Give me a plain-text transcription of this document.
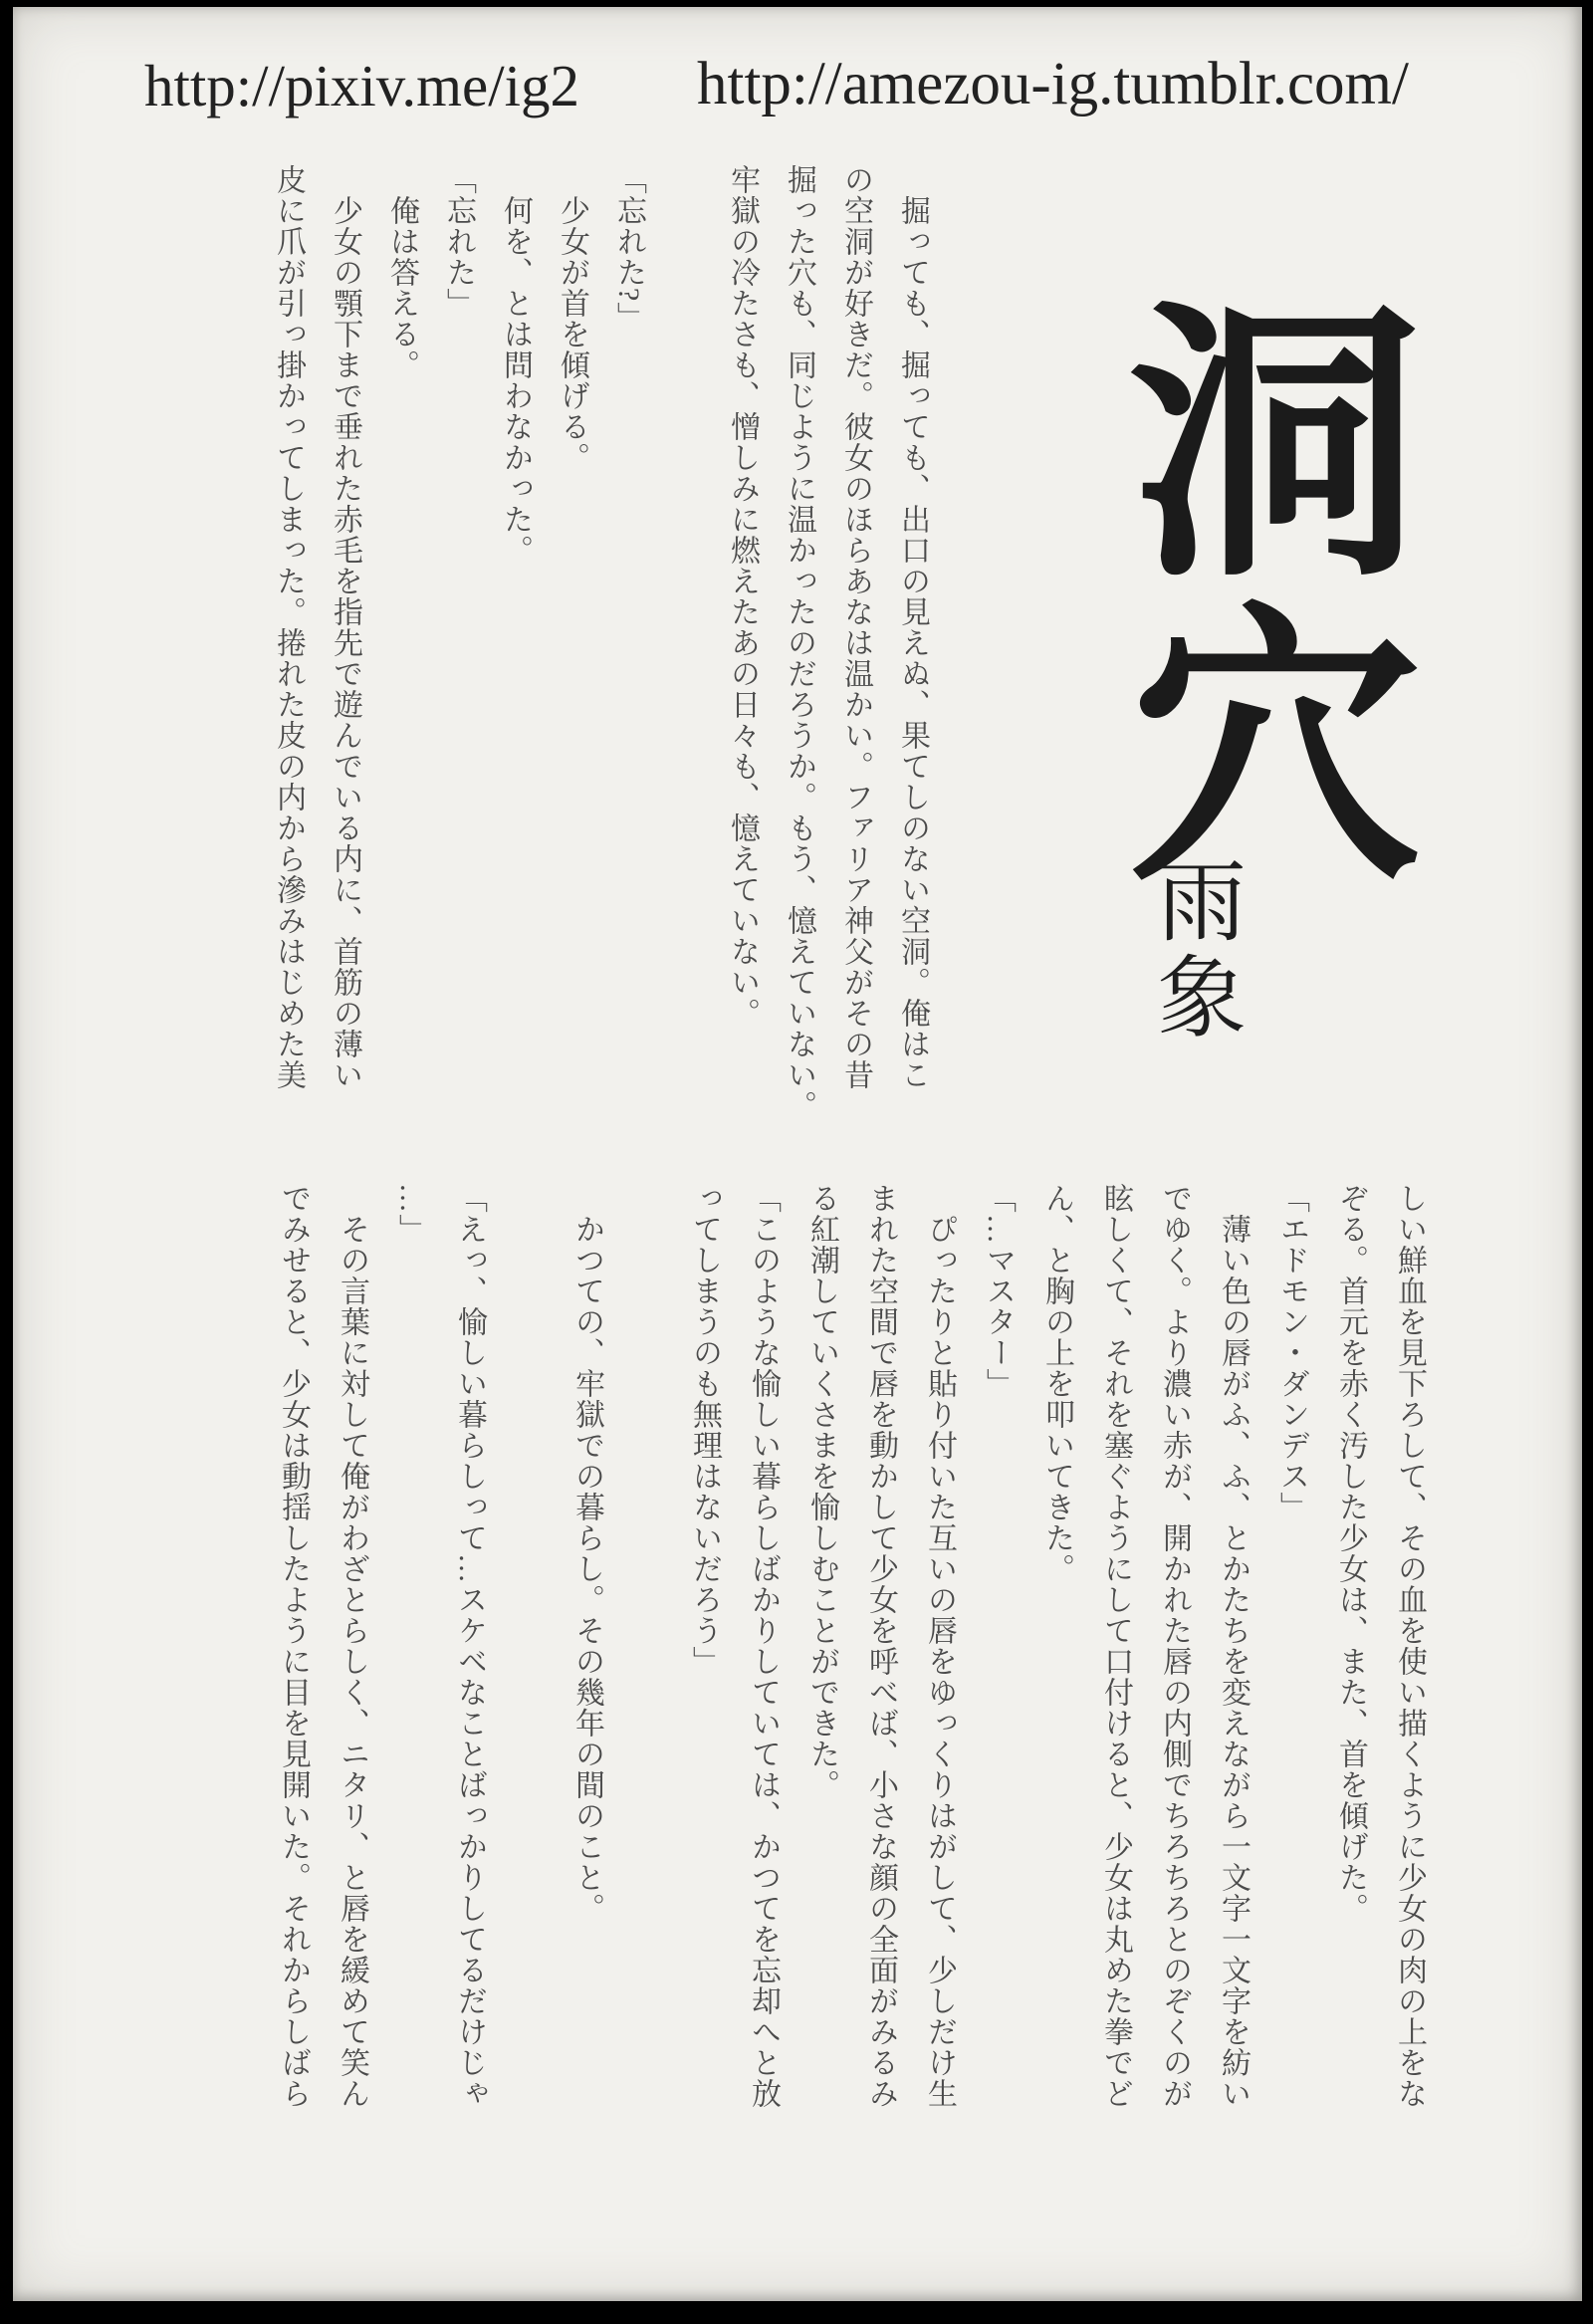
http://pixiv.me/ig2 http://amezou-ig.tumblr.com/
洞穴
雨象

　掘っても、掘っても、出口の見えぬ、果てしのない空洞。俺はこ

の空洞が好きだ。彼女のほらあなは温かい。ファリア神父がその昔

掘った穴も、同じように温かったのだろうか。もう、憶えていない。

牢獄の冷たさも、憎しみに燃えたあの日々も、憶えていない。

「忘れた?」

　少女が首を傾げる。

　何を、とは問わなかった。

「忘れた」

　俺は答える。

　少女の顎下まで垂れた赤毛を指先で遊んでいる内に、首筋の薄い

皮に爪が引っ掛かってしまった。捲れた皮の内から滲みはじめた美

しい鮮血を見下ろして、その血を使い描くように少女の肉の上をな

ぞる。首元を赤く汚した少女は、また、首を傾げた。

「エドモン・ダンデス」

　薄い色の唇がふ、ふ、とかたちを変えながら一文字一文字を紡い

でゆく。より濃い赤が、開かれた唇の内側でちろちろとのぞくのが

眩しくて、それを塞ぐようにして口付けると、少女は丸めた拳でど

ん、と胸の上を叩いてきた。

「…マスター」

　ぴったりと貼り付いた互いの唇をゆっくりはがして、少しだけ生

まれた空間で唇を動かして少女を呼べば、小さな顔の全面がみるみ

る紅潮していくさまを愉しむことができた。

「このような愉しい暮らしばかりしていては、かつてを忘却へと放

ってしまうのも無理はないだろう」

　かつての、牢獄での暮らし。その幾年の間のこと。

「えっ、愉しい暮らしって…スケベなことばっかりしてるだけじゃ

…」

　その言葉に対して俺がわざとらしく、ニタリ、と唇を緩めて笑ん

でみせると、少女は動揺したように目を見開いた。それからしばら
